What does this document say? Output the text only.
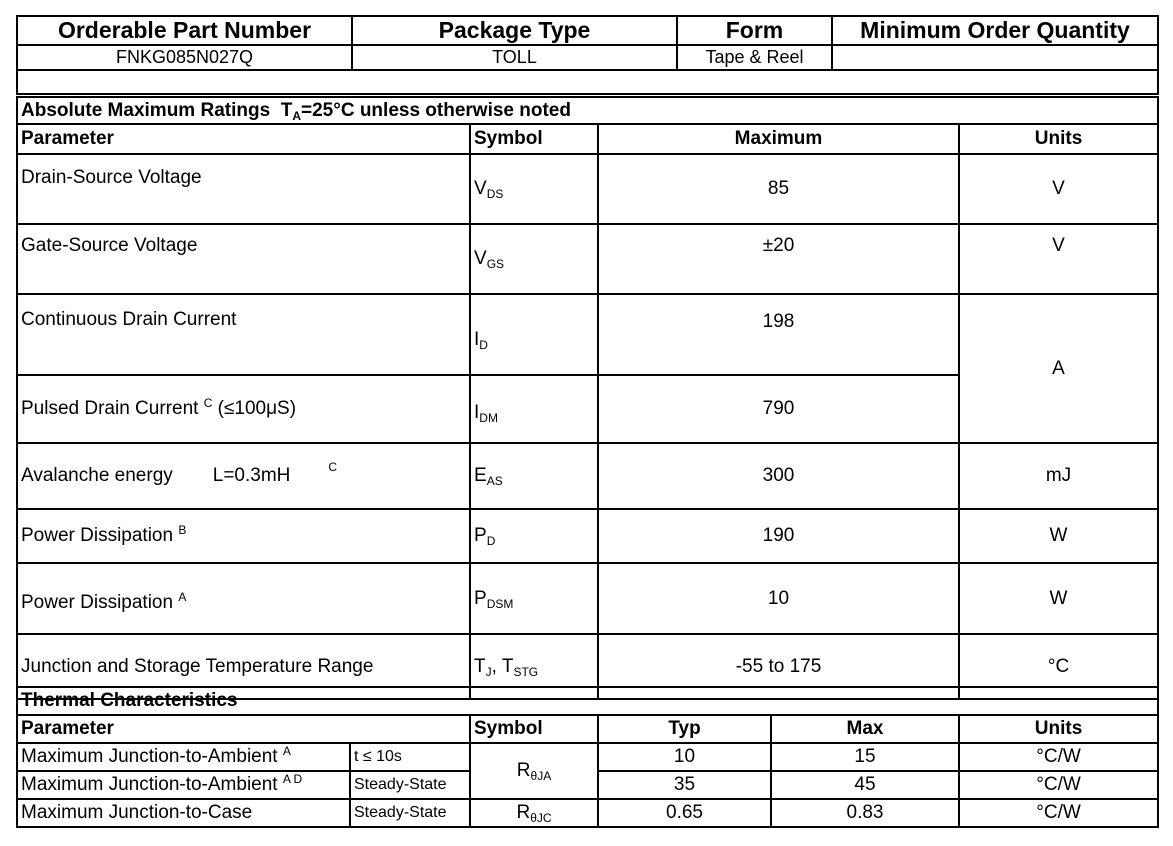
Orderable Part Number	Package Type	Form	Minimum Order Quantity
FNKG085N027Q	TOLL	Tape & Reel	

Absolute Maximum Ratings $T_A=25^\circ C$ unless otherwise noted			
Parameter	Symbol	Maximum	Units
Drain-Source Voltage	$V_{DS}$	85	V
Gate-Source Voltage	$V_{GS}$	±20	V
Continuous Drain Current	$I_D$	198	A
Pulsed Drain Current $^C$ (≤100μS)	$I_{DM}$	790	
Avalanche energy L=0.3mH $^C$	$E_{AS}$	300	mJ
Power Dissipation $^B$	$P_D$	190	W
Power Dissipation $^A$	$P_{DSM}$	10	W
Junction and Storage Temperature Range	$T_J$, $T_{STG}$	-55 to 175	°C
Thermal Characteristics					
Parameter		Symbol	Typ	Max	Units
Maximum Junction-to-Ambient $^A$	t ≤ 10s	$R_{\theta JA}$	10	15	°C/W
Maximum Junction-to-Ambient $^{A D}$	Steady-State		35	45	°C/W
Maximum Junction-to-Case	Steady-State	$R_{\theta JC}$	0.65	0.83	°C/W
